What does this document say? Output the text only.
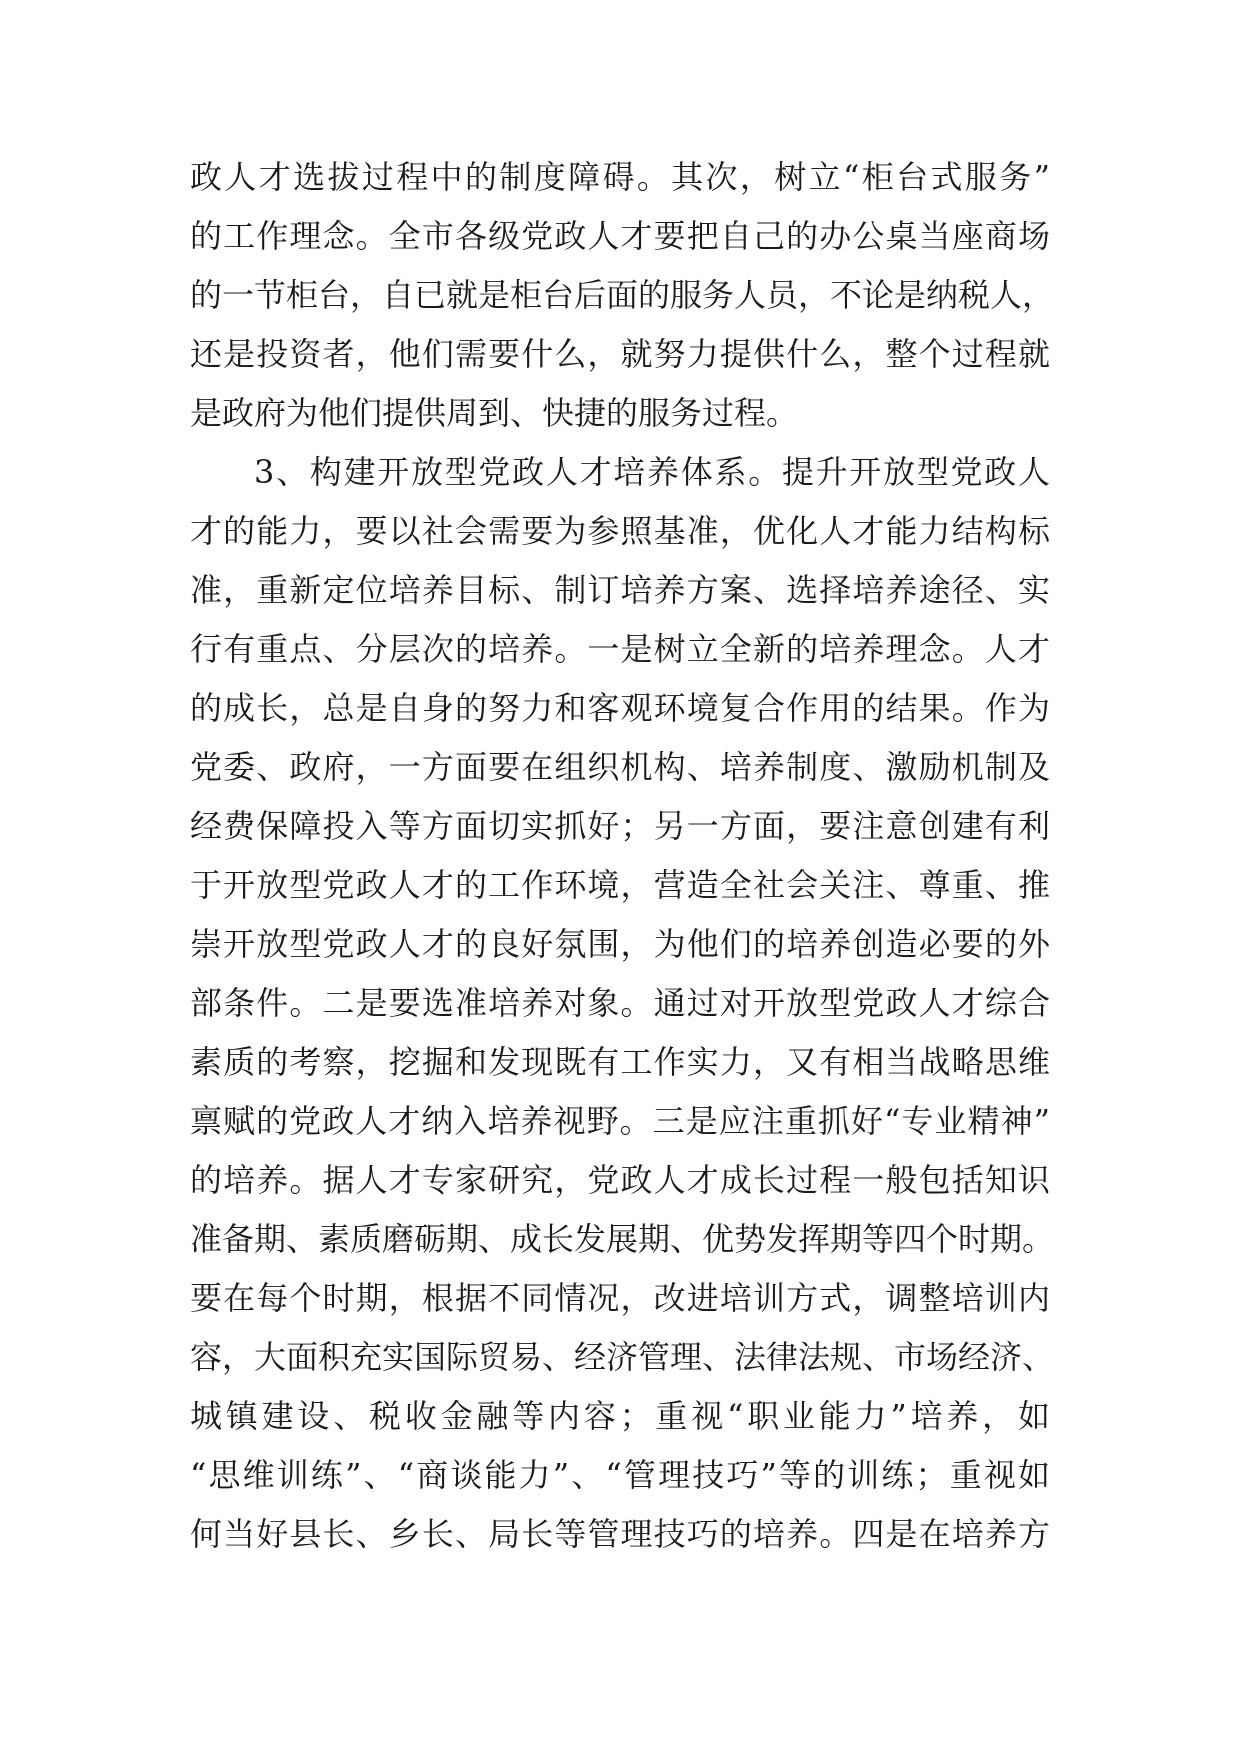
政人才选拔过程中的制度障碍。其次，树立“柜台式服务”
的工作理念。全市各级党政人才要把自己的办公桌当座商场
的一节柜台，自已就是柜台后面的服务人员，不论是纳税人，
还是投资者，他们需要什么，就努力提供什么，整个过程就
是政府为他们提供周到、快捷的服务过程。
3、构建开放型党政人才培养体系。提升开放型党政人
才的能力，要以社会需要为参照基准，优化人才能力结构标
准，重新定位培养目标、制订培养方案、选择培养途径、实
行有重点、分层次的培养。一是树立全新的培养理念。人才
的成长，总是自身的努力和客观环境复合作用的结果。作为
党委、政府，一方面要在组织机构、培养制度、激励机制及
经费保障投入等方面切实抓好；另一方面，要注意创建有利
于开放型党政人才的工作环境，营造全社会关注、尊重、推
崇开放型党政人才的良好氛围，为他们的培养创造必要的外
部条件。二是要选准培养对象。通过对开放型党政人才综合
素质的考察，挖掘和发现既有工作实力，又有相当战略思维
禀赋的党政人才纳入培养视野。三是应注重抓好“专业精神”
的培养。据人才专家研究，党政人才成长过程一般包括知识
准备期、素质磨砺期、成长发展期、优势发挥期等四个时期。
要在每个时期，根据不同情况，改进培训方式，调整培训内
容，大面积充实国际贸易、经济管理、法律法规、市场经济、
城镇建设、税收金融等内容；重视“职业能力”培养，如
“思维训练”、“商谈能力”、“管理技巧”等的训练；重视如
何当好县长、乡长、局长等管理技巧的培养。四是在培养方
